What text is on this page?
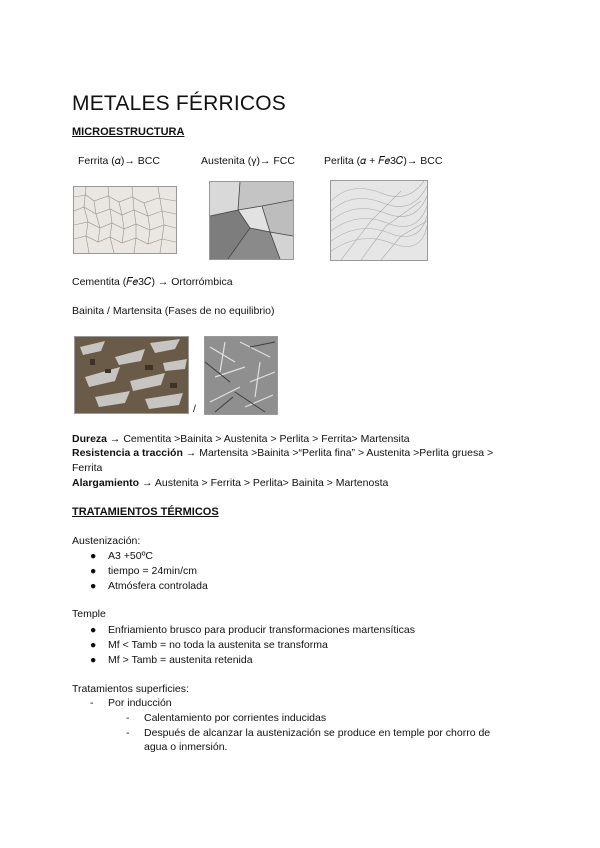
METALES FÉRRICOS
MICROESTRUCTURA
Ferrita (𝛼)→ BCC	Austenita (γ)→ FCC	Perlita (𝛼 + 𝐹𝑒3𝐶)→ BCC
Cementita (𝐹𝑒3𝐶) → Ortorrómbica
Bainita / Martensita (Fases de no equilibrio)
/
Dureza → Cementita >Bainita > Austenita > Perlita > Ferrita> Martensita
Resistencia a tracción → Martensita >Bainita >“Perlita fina” > Austenita >Perlita gruesa >
Ferrita
Alargamiento → Austenita > Ferrita > Perlita> Bainita > Martenosta
TRATAMIENTOS TÉRMICOS
Austenización:
●	A3 +50ºC
●	tiempo = 24min/cm
●	Atmósfera controlada
Temple
●	Enfriamiento brusco para producir transformaciones martensíticas
●	Mf < Tamb = no toda la austenita se transforma
●	Mf > Tamb = austenita retenida
Tratamientos superficies:
-	Por inducción
-	Calentamiento por corrientes inducidas
-	Después de alcanzar la austenización se produce en temple por chorro de
agua o inmersión.
